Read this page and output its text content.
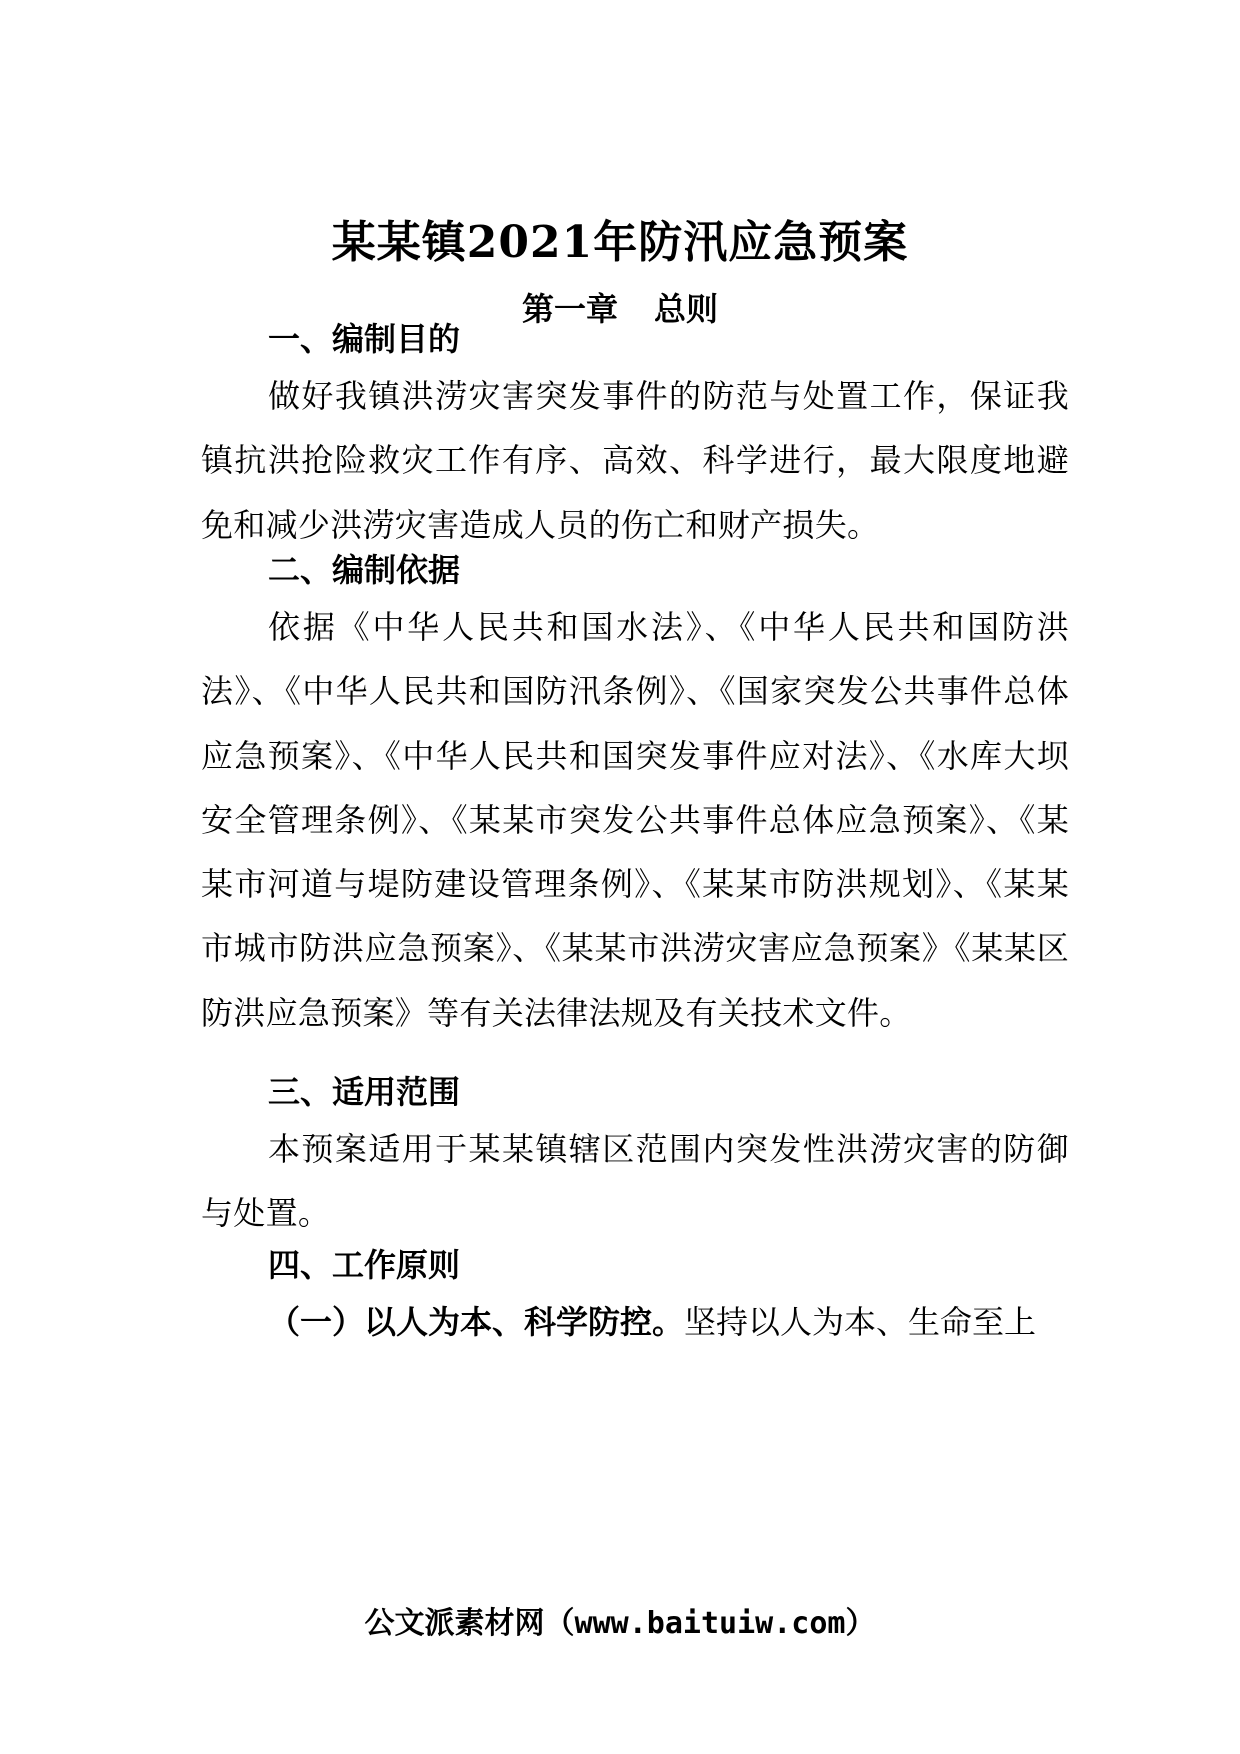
某某镇2021年防汛应急预案
第一章 总则
一、编制目的

做好我镇洪涝灾害突发事件的防范与处置工作，保证我镇抗洪抢险救灾工作有序、高效、科学进行，最大限度地避免和减少洪涝灾害造成人员的伤亡和财产损失。

二、编制依据

依据《中华人民共和国水法》、《中华人民共和国防洪法》、《中华人民共和国防汛条例》、《国家突发公共事件总体应急预案》、《中华人民共和国突发事件应对法》、《水库大坝安全管理条例》、《某某市突发公共事件总体应急预案》、《某某市河道与堤防建设管理条例》、《某某市防洪规划》、《某某市城市防洪应急预案》、《某某市洪涝灾害应急预案》《某某区防洪应急预案》等有关法律法规及有关技术文件。

三、适用范围

本预案适用于某某镇辖区范围内突发性洪涝灾害的防御与处置。

四、工作原则

（一）以人为本、科学防控。坚持以人为本、生命至上

公文派素材网（www.baituiw.com）
